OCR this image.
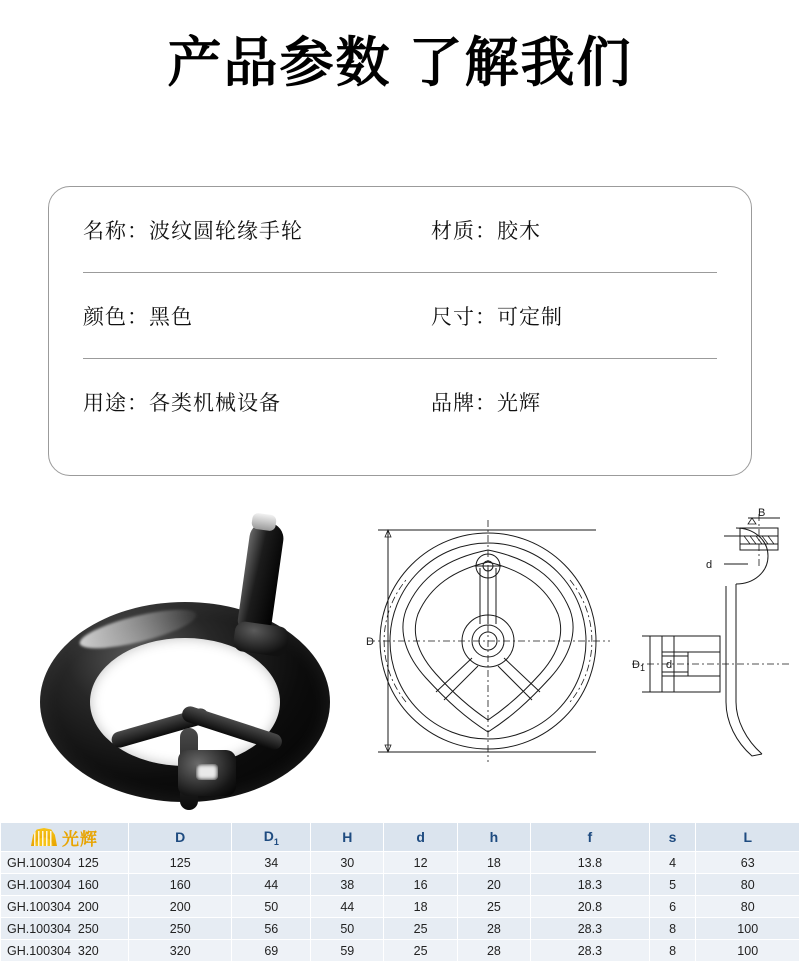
产品参数 了解我们
名称： 波纹圆轮缘手轮	材质： 胶木
颜色： 黑色	尺寸： 可定制
用途： 各类机械设备	品牌： 光辉
D
B
d
$D_1$ d
光辉	D	$D_1$	H	d	h	f	s	L
GH.100304  125	125	34	30	12	18	13.8	4	63
GH.100304  160	160	44	38	16	20	18.3	5	80
GH.100304  200	200	50	44	18	25	20.8	6	80
GH.100304  250	250	56	50	25	28	28.3	8	100
GH.100304  320	320	69	59	25	28	28.3	8	100
